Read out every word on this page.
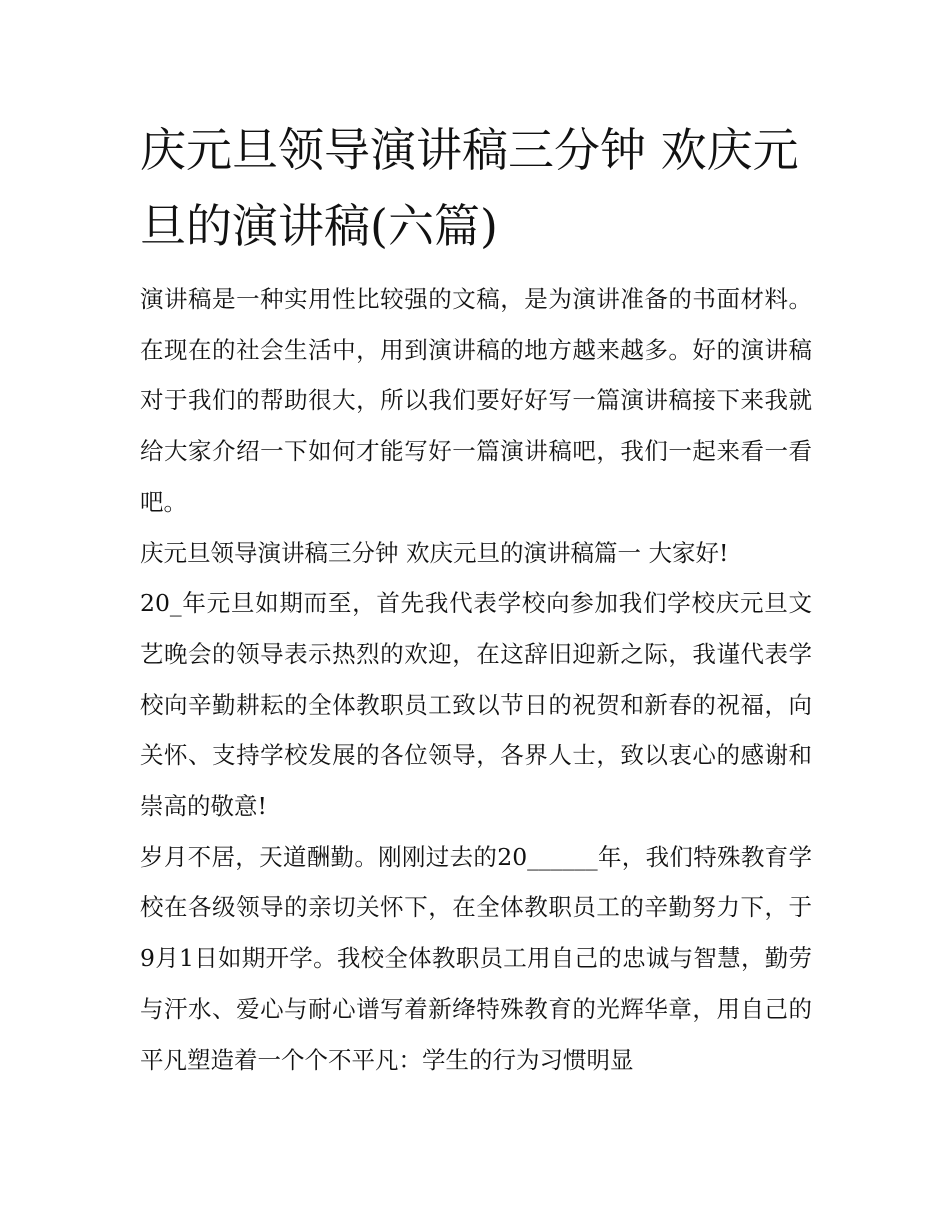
庆元旦领导演讲稿三分钟 欢庆元旦的演讲稿(六篇)

演讲稿是一种实用性比较强的文稿，是为演讲准备的书面材料。在现在的社会生活中，用到演讲稿的地方越来越多。好的演讲稿对于我们的帮助很大，所以我们要好好写一篇演讲稿接下来我就给大家介绍一下如何才能写好一篇演讲稿吧，我们一起来看一看吧。

庆元旦领导演讲稿三分钟 欢庆元旦的演讲稿篇一 大家好!

20_年元旦如期而至，首先我代表学校向参加我们学校庆元旦文艺晚会的领导表示热烈的欢迎，在这辞旧迎新之际，我谨代表学校向辛勤耕耘的全体教职员工致以节日的祝贺和新春的祝福，向关怀、支持学校发展的各位领导，各界人士，致以衷心的感谢和崇高的敬意!

岁月不居，天道酬勤。刚刚过去的20______年，我们特殊教育学校在各级领导的亲切关怀下，在全体教职员工的辛勤努力下，于9月1日如期开学。我校全体教职员工用自己的忠诚与智慧，勤劳与汗水、爱心与耐心谱写着新绛特殊教育的光辉华章，用自己的平凡塑造着一个个不平凡：学生的行为习惯明显
